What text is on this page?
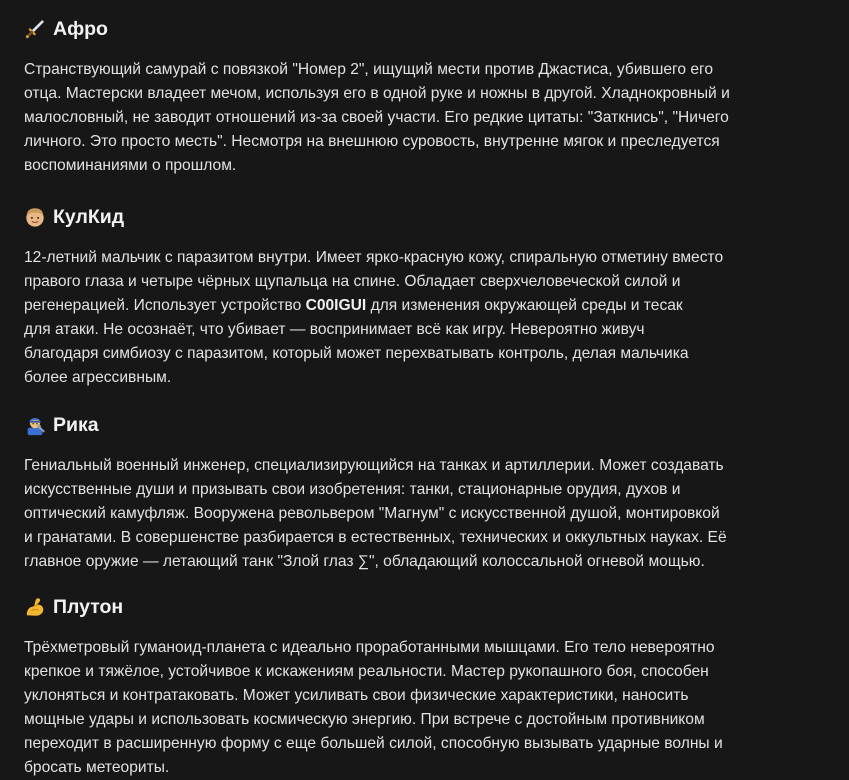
Афро

Странствующий самурай с повязкой "Номер 2", ищущий мести против Джастиса, убившего его
отца. Мастерски владеет мечом, используя его в одной руке и ножны в другой. Хладнокровный и
малословный, не заводит отношений из-за своей участи. Его редкие цитаты: "Заткнись", "Ничего
личного. Это просто месть". Несмотря на внешнюю суровость, внутренне мягок и преследуется
воспоминаниями о прошлом.

КулКид

12-летний мальчик с паразитом внутри. Имеет ярко-красную кожу, спиральную отметину вместо
правого глаза и четыре чёрных щупальца на спине. Обладает сверхчеловеческой силой и
регенерацией. Использует устройство C00IGUI для изменения окружающей среды и тесак
для атаки. Не осознаёт, что убивает — воспринимает всё как игру. Невероятно живуч
благодаря симбиозу с паразитом, который может перехватывать контроль, делая мальчика
более агрессивным.

Рика

Гениальный военный инженер, специализирующийся на танках и артиллерии. Может создавать
искусственные души и призывать свои изобретения: танки, стационарные орудия, духов и
оптический камуфляж. Вооружена револьвером "Магнум" с искусственной душой, монтировкой
и гранатами. В совершенстве разбирается в естественных, технических и оккультных науках. Её
главное оружие — летающий танк "Злой глаз ∑", обладающий колоссальной огневой мощью.

Плутон

Трёхметровый гуманоид-планета с идеально проработанными мышцами. Его тело невероятно
крепкое и тяжёлое, устойчивое к искажениям реальности. Мастер рукопашного боя, способен
уклоняться и контратаковать. Может усиливать свои физические характеристики, наносить
мощные удары и использовать космическую энергию. При встрече с достойным противником
переходит в расширенную форму с еще большей силой, способную вызывать ударные волны и
бросать метеориты.
